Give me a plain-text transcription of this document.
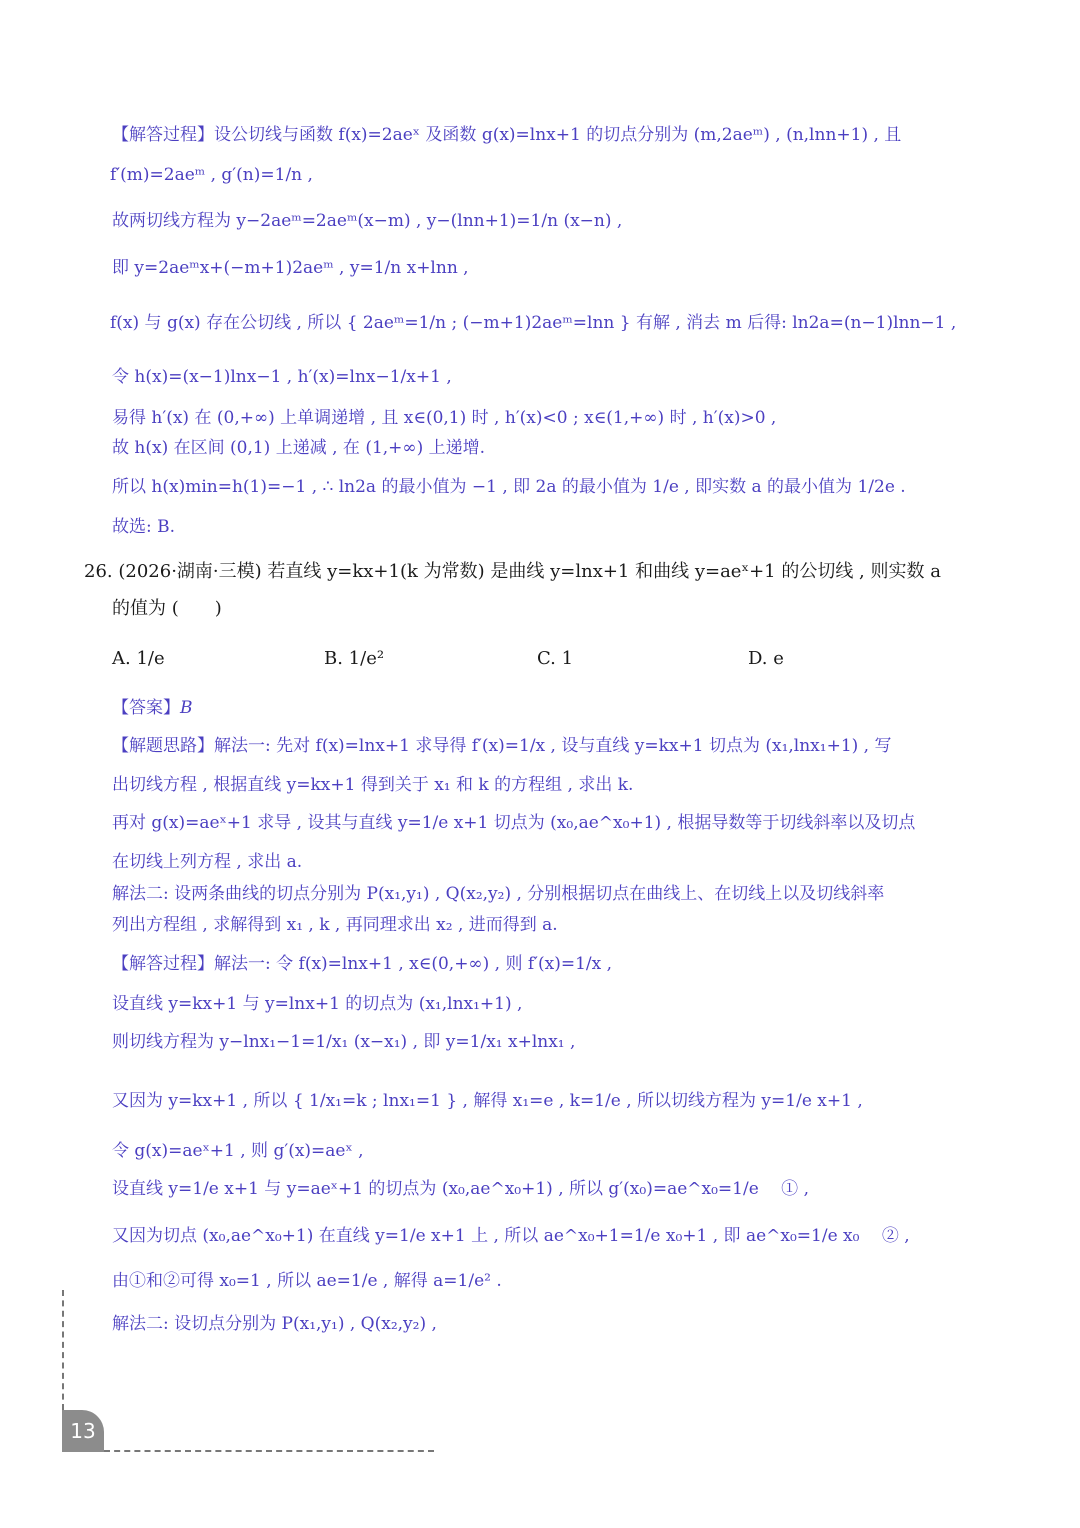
【解答过程】设公切线与函数 f(x)=2aeˣ 及函数 g(x)=lnx+1 的切点分别为 (m,2aeᵐ) , (n,lnn+1) , 且
f′(m)=2aeᵐ , g′(n)=1/n ,
故两切线方程为 y−2aeᵐ=2aeᵐ(x−m) , y−(lnn+1)=1/n (x−n) ,
即 y=2aeᵐx+(−m+1)2aeᵐ , y=1/n x+lnn ,
f(x) 与 g(x) 存在公切线 , 所以 { 2aeᵐ=1/n ; (−m+1)2aeᵐ=lnn } 有解 , 消去 m 后得: ln2a=(n−1)lnn−1 ,
令 h(x)=(x−1)lnx−1 , h′(x)=lnx−1/x+1 ,
易得 h′(x) 在 (0,+∞) 上单调递增 , 且 x∈(0,1) 时 , h′(x)<0 ; x∈(1,+∞) 时 , h′(x)>0 ,
故 h(x) 在区间 (0,1) 上递减 , 在 (1,+∞) 上递增.
所以 h(x)min=h(1)=−1 , ∴ ln2a 的最小值为 −1 , 即 2a 的最小值为 1/e , 即实数 a 的最小值为 1/2e .
故选: B.
26. (2026·湖南·三模) 若直线 y=kx+1(k 为常数) 是曲线 y=lnx+1 和曲线 y=aeˣ+1 的公切线 , 则实数 a
的值为 (　　)
A. 1/e	B. 1/e²	C. 1	D. e
【答案】B
【解题思路】解法一: 先对 f(x)=lnx+1 求导得 f′(x)=1/x , 设与直线 y=kx+1 切点为 (x₁,lnx₁+1) , 写
出切线方程 , 根据直线 y=kx+1 得到关于 x₁ 和 k 的方程组 , 求出 k.
再对 g(x)=aeˣ+1 求导 , 设其与直线 y=1/e x+1 切点为 (x₀,ae^x₀+1) , 根据导数等于切线斜率以及切点
在切线上列方程 , 求出 a.
解法二: 设两条曲线的切点分别为 P(x₁,y₁) , Q(x₂,y₂) , 分别根据切点在曲线上、在切线上以及切线斜率
列出方程组 , 求解得到 x₁ , k , 再同理求出 x₂ , 进而得到 a.
【解答过程】解法一: 令 f(x)=lnx+1 , x∈(0,+∞) , 则 f′(x)=1/x ,
设直线 y=kx+1 与 y=lnx+1 的切点为 (x₁,lnx₁+1) ,
则切线方程为 y−lnx₁−1=1/x₁ (x−x₁) , 即 y=1/x₁ x+lnx₁ ,
又因为 y=kx+1 , 所以 { 1/x₁=k ; lnx₁=1 } , 解得 x₁=e , k=1/e , 所以切线方程为 y=1/e x+1 ,
令 g(x)=aeˣ+1 , 则 g′(x)=aeˣ ,
设直线 y=1/e x+1 与 y=aeˣ+1 的切点为 (x₀,ae^x₀+1) , 所以 g′(x₀)=ae^x₀=1/e　 ① ,
又因为切点 (x₀,ae^x₀+1) 在直线 y=1/e x+1 上 , 所以 ae^x₀+1=1/e x₀+1 , 即 ae^x₀=1/e x₀　 ② ,
由①和②可得 x₀=1 , 所以 ae=1/e , 解得 a=1/e² .
解法二: 设切点分别为 P(x₁,y₁) , Q(x₂,y₂) ,
13
